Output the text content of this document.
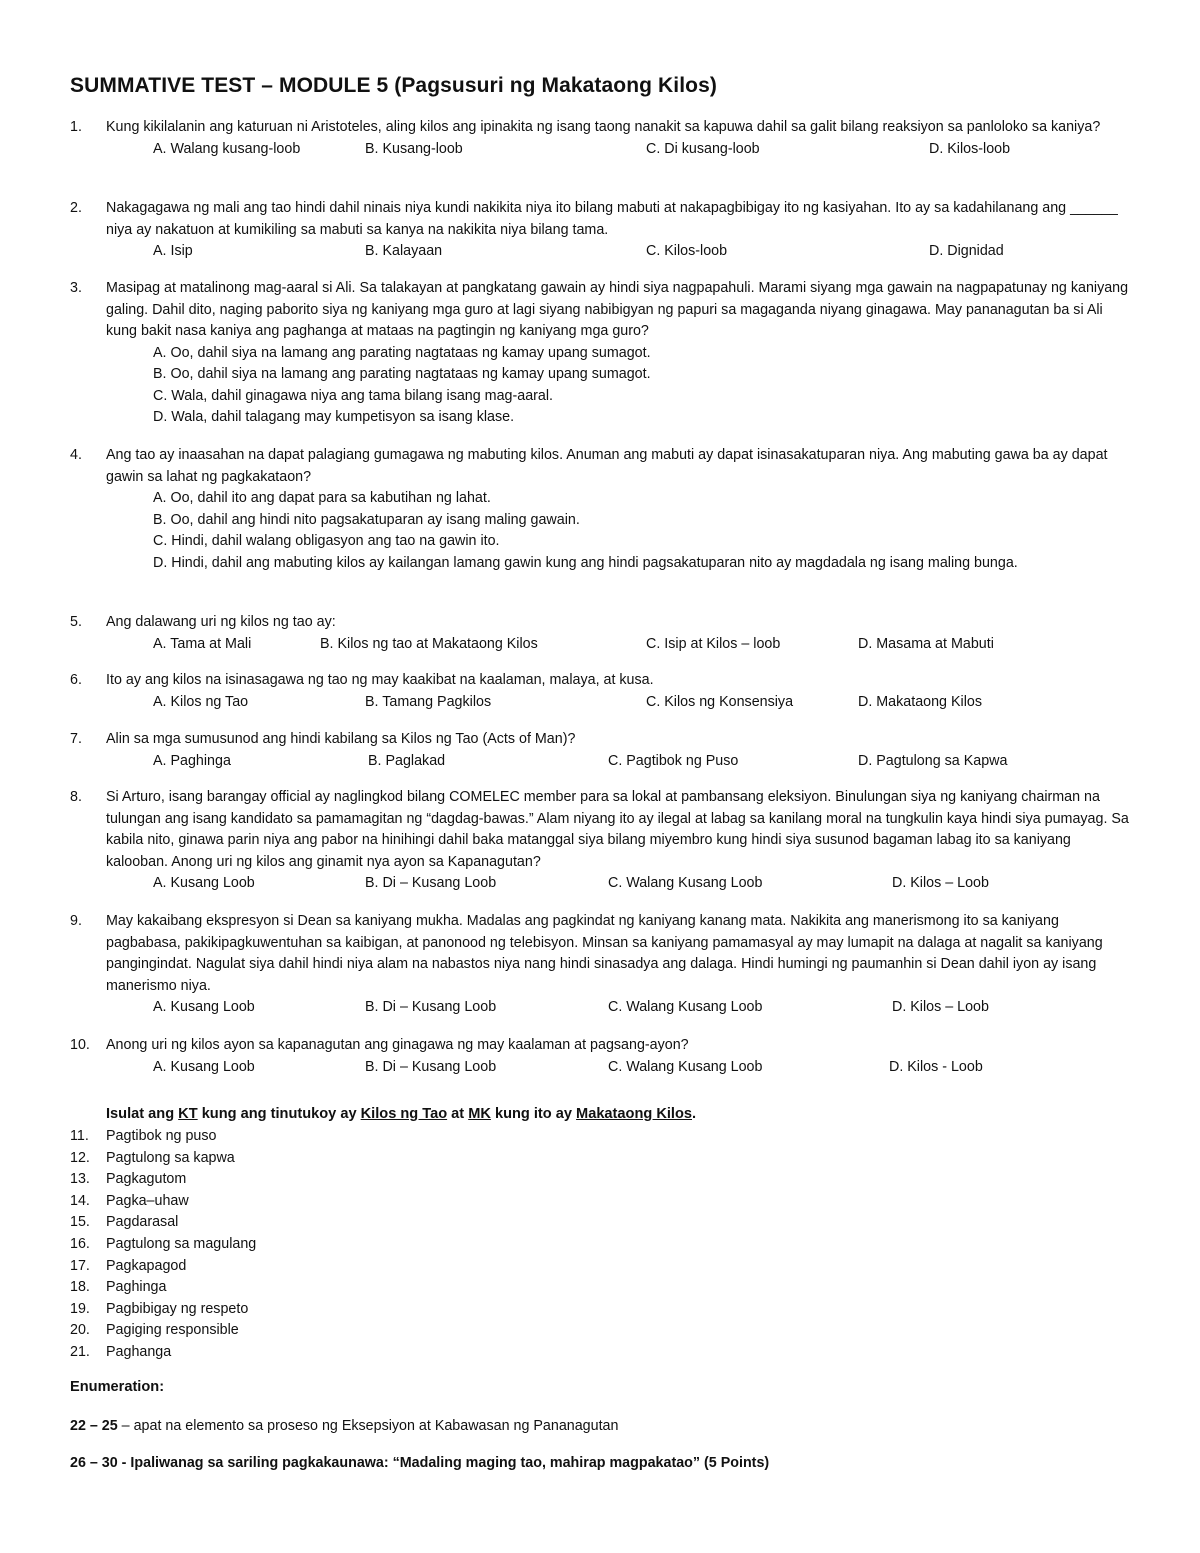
SUMMATIVE TEST – MODULE 5 (Pagsusuri ng Makataong Kilos)
1. Kung kikilalanin ang katuruan ni Aristoteles, aling kilos ang ipinakita ng isang taong nanakit sa kapuwa dahil sa galit bilang reaksiyon sa panloloko sa kaniya?
A. Walang kusang-loob	B. Kusang-loob	C. Di kusang-loob	D. Kilos-loob
2. Nakagagawa ng mali ang tao hindi dahil ninais niya kundi nakikita niya ito bilang mabuti at nakapagbibigay ito ng kasiyahan. Ito ay sa kadahilanang ang ______ niya ay nakatuon at kumikiling sa mabuti sa kanya na nakikita niya bilang tama.
A. Isip	B. Kalayaan	C. Kilos-loob	D. Dignidad
3. Masipag at matalinong mag-aaral si Ali. Sa talakayan at pangkatang gawain ay hindi siya nagpapahuli. Marami siyang mga gawain na nagpapatunay ng kaniyang galing. Dahil dito, naging paborito siya ng kaniyang mga guro at lagi siyang nabibigyan ng papuri sa magaganda niyang ginagawa. May pananagutan ba si Ali kung bakit nasa kaniya ang paghanga at mataas na pagtingin ng kaniyang mga guro?
A. Oo, dahil siya na lamang ang parating nagtataas ng kamay upang sumagot.
B. Oo, dahil siya na lamang ang parating nagtataas ng kamay upang sumagot.
C. Wala, dahil ginagawa niya ang tama bilang isang mag-aaral.
D. Wala, dahil talagang may kumpetisyon sa isang klase.
4. Ang tao ay inaasahan na dapat palagiang gumagawa ng mabuting kilos. Anuman ang mabuti ay dapat isinasakatuparan niya. Ang mabuting gawa ba ay dapat gawin sa lahat ng pagkakataon?
A. Oo, dahil ito ang dapat para sa kabutihan ng lahat.
B. Oo, dahil ang hindi nito pagsakatuparan ay isang maling gawain.
C. Hindi, dahil walang obligasyon ang tao na gawin ito.
D. Hindi, dahil ang mabuting kilos ay kailangan lamang gawin kung ang hindi pagsakatuparan nito ay magdadala ng isang maling bunga.
5. Ang dalawang uri ng kilos ng tao ay:
A. Tama at Mali	B. Kilos ng tao at Makataong Kilos	C. Isip at Kilos – loob	D. Masama at Mabuti
6. Ito ay ang kilos na isinasagawa ng tao ng may kaakibat na kaalaman, malaya, at kusa.
A. Kilos ng Tao	B. Tamang Pagkilos	C. Kilos ng Konsensiya	D. Makataong Kilos
7. Alin sa mga sumusunod ang hindi kabilang sa Kilos ng Tao (Acts of Man)?
A. Paghinga	B. Paglakad	C. Pagtibok ng Puso	D. Pagtulong sa Kapwa
8. Si Arturo, isang barangay official ay naglingkod bilang COMELEC member para sa lokal at pambansang eleksiyon. Binulungan siya ng kaniyang chairman na tulungan ang isang kandidato sa pamamagitan ng “dagdag-bawas.” Alam niyang ito ay ilegal at labag sa kanilang moral na tungkulin kaya hindi siya pumayag. Sa kabila nito, ginawa parin niya ang pabor na hinihingi dahil baka matanggal siya bilang miyembro kung hindi siya susunod bagaman labag ito sa kaniyang kalooban. Anong uri ng kilos ang ginamit nya ayon sa Kapanagutan?
A. Kusang Loob	B. Di – Kusang Loob	C. Walang Kusang Loob	D. Kilos – Loob
9. May kakaibang ekspresyon si Dean sa kaniyang mukha. Madalas ang pagkindat ng kaniyang kanang mata. Nakikita ang manerismong ito sa kaniyang pagbabasa, pakikipagkuwentuhan sa kaibigan, at panonood ng telebisyon. Minsan sa kaniyang pamamasyal ay may lumapit na dalaga at nagalit sa kaniyang pangingindat. Nagulat siya dahil hindi niya alam na nabastos niya nang hindi sinasadya ang dalaga. Hindi humingi ng paumanhin si Dean dahil iyon ay isang manerismo niya.
A. Kusang Loob	B. Di – Kusang Loob	C. Walang Kusang Loob	D. Kilos – Loob
10. Anong uri ng kilos ayon sa kapanagutan ang ginagawa ng may kaalaman at pagsang-ayon?
A. Kusang Loob	B. Di – Kusang Loob	C. Walang Kusang Loob	D. Kilos - Loob
Isulat ang KT kung ang tinutukoy ay Kilos ng Tao at MK kung ito ay Makataong Kilos.
11. Pagtibok ng puso
12. Pagtulong sa kapwa
13. Pagkagutom
14. Pagka–uhaw
15. Pagdarasal
16. Pagtulong sa magulang
17. Pagkapagod
18. Paghinga
19. Pagbibigay ng respeto
20. Pagiging responsible
21. Paghanga
Enumeration:
22 – 25 – apat na elemento sa proseso ng Eksepsiyon at Kabawasan ng Pananagutan
26 – 30 - Ipaliwanag sa sariling pagkakaunawa: “Madaling maging tao, mahirap magpakatao” (5 Points)
